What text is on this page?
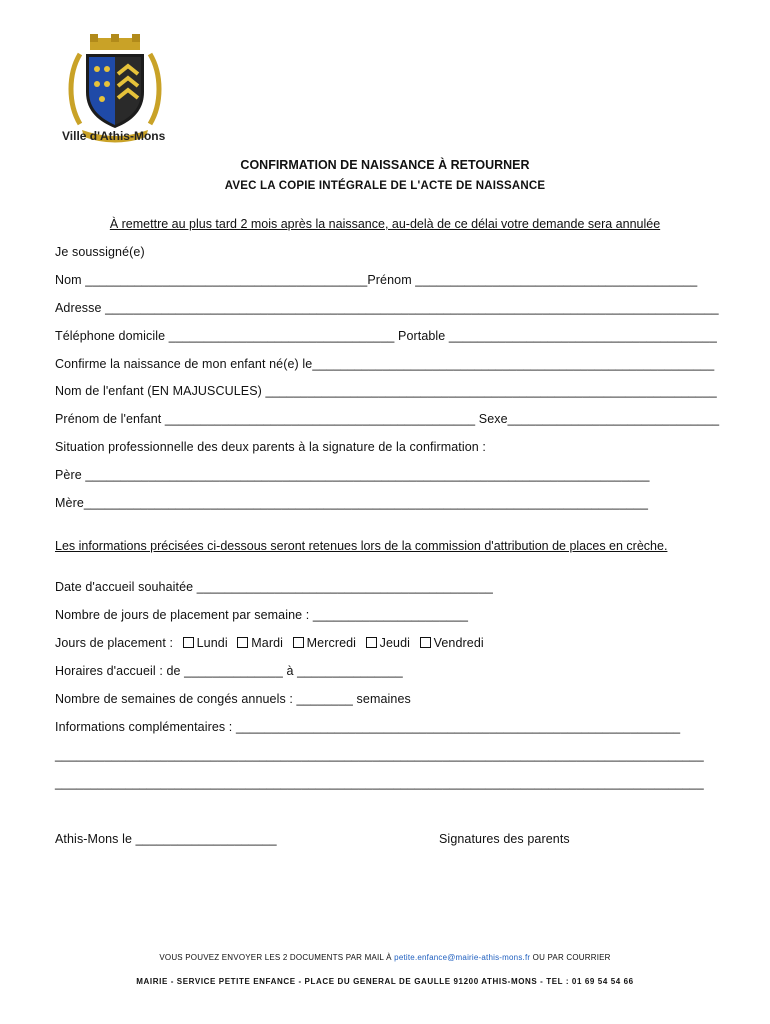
Ville d'Athis-Mons
CONFIRMATION DE NAISSANCE À RETOURNER
AVEC LA COPIE INTÉGRALE DE L'ACTE DE NAISSANCE
À remettre au plus tard 2 mois après la naissance, au-delà de ce délai votre demande sera annulée
Je soussigné(e)
Nom ________________________________________Prénom ________________________________________
Adresse _______________________________________________________________________________________
Téléphone domicile ________________________________ Portable ______________________________________
Confirme la naissance de mon enfant né(e) le_________________________________________________________
Nom de l'enfant (EN MAJUSCULES) ________________________________________________________________
Prénom de l'enfant ____________________________________________ Sexe______________________________
Situation professionnelle des deux parents à la signature de la confirmation :
Père ________________________________________________________________________________
Mère________________________________________________________________________________
Les informations précisées ci-dessous seront retenues lors de la commission d'attribution de places en crèche.
Date d'accueil souhaitée __________________________________________
Nombre de jours de placement par semaine : ______________________
Jours de placement : Lundi Mardi Mercredi Jeudi Vendredi
Horaires d'accueil : de ______________ à _______________
Nombre de semaines de congés annuels : ________ semaines
Informations complémentaires : _______________________________________________________________
____________________________________________________________________________________________
____________________________________________________________________________________________
Athis-Mons le ____________________	Signatures des parents
VOUS POUVEZ ENVOYER LES 2 DOCUMENTS PAR MAIL À petite.enfance@mairie-athis-mons.fr OU PAR COURRIER
MAIRIE - SERVICE PETITE ENFANCE - PLACE DU GENERAL DE GAULLE 91200 ATHIS-MONS - TEL : 01 69 54 54 66
